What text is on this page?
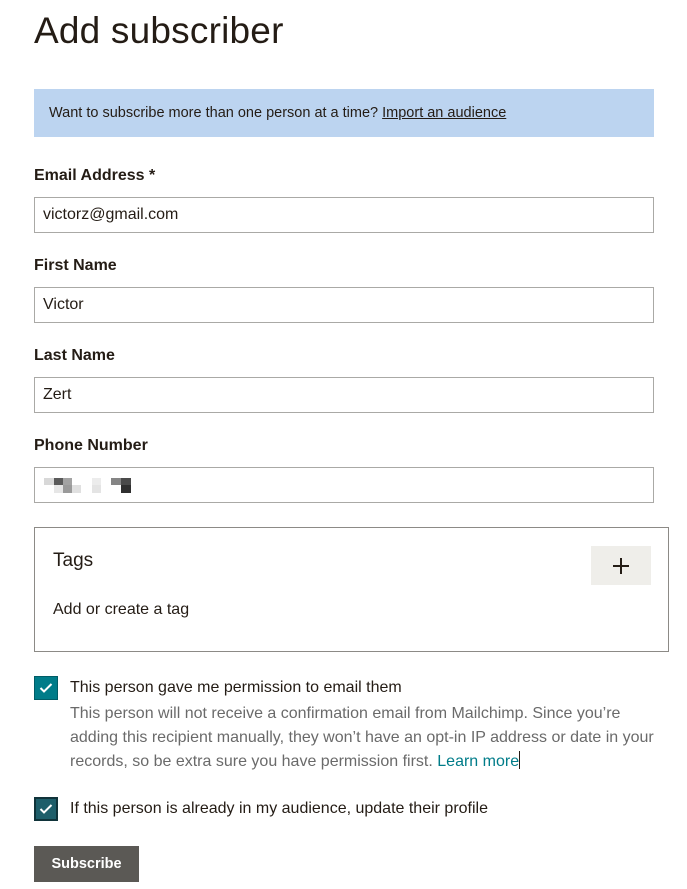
Add subscriber
Want to subscribe more than one person at a time? Import an audience
Email Address *
victorz@gmail.com
First Name
Victor
Last Name
Zert
Phone Number
Tags
Add or create a tag
This person gave me permission to email them
This person will not receive a confirmation email from Mailchimp. Since you’re adding this recipient manually, they won’t have an opt-in IP address or date in your records, so be extra sure you have permission first. Learn more
If this person is already in my audience, update their profile
Subscribe
